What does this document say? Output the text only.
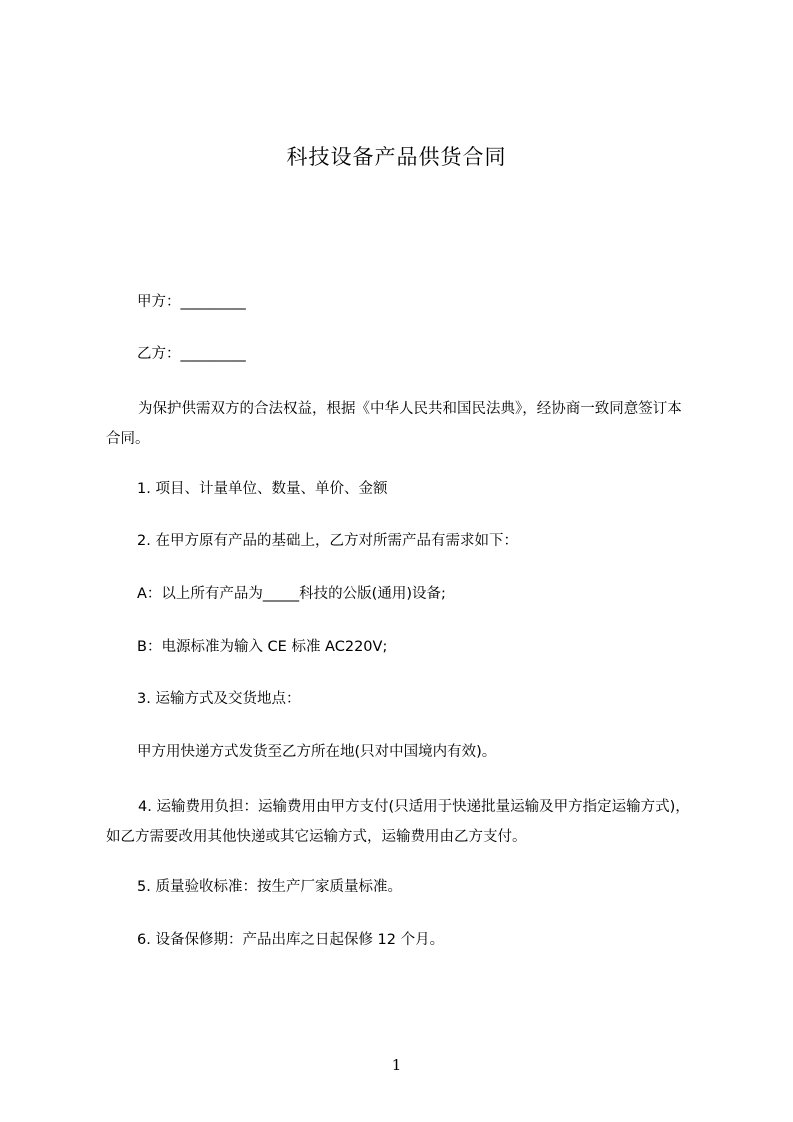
科技设备产品供货合同
甲方：_________
乙方：_________
为保护供需双方的合法权益，根据《中华人民共和国民法典》，经协商一致同意签订本合同。
1. 项目、计量单位、数量、单价、金额
2. 在甲方原有产品的基础上，乙方对所需产品有需求如下：
A：以上所有产品为_____科技的公版(通用)设备;
B：电源标准为输入 CE 标准 AC220V;
3. 运输方式及交货地点：
甲方用快递方式发货至乙方所在地(只对中国境内有效)。
4. 运输费用负担：运输费用由甲方支付(只适用于快递批量运输及甲方指定运输方式)，如乙方需要改用其他快递或其它运输方式，运输费用由乙方支付。
5. 质量验收标准：按生产厂家质量标准。
6. 设备保修期：产品出库之日起保修 12 个月。
1
